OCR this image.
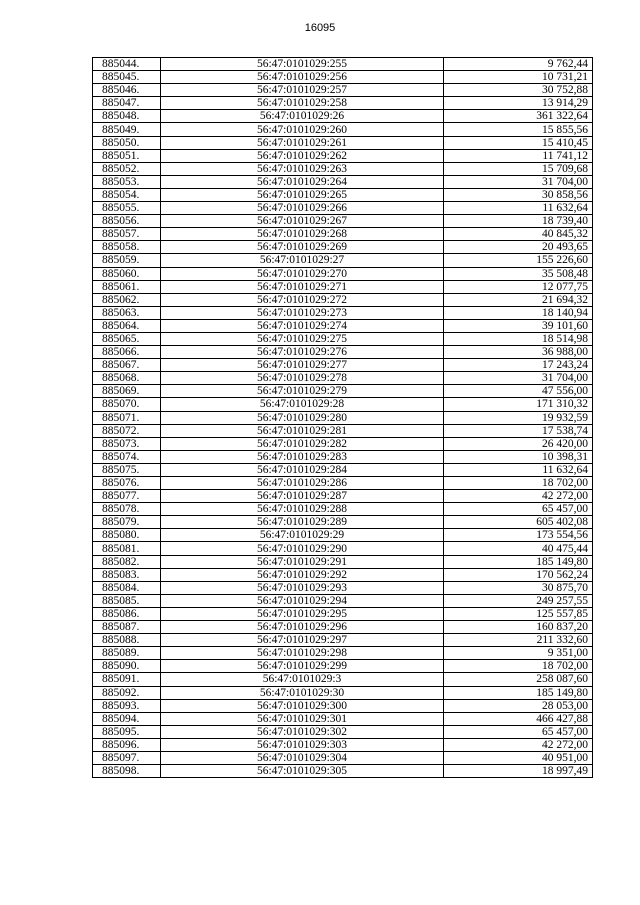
16095
885044.	56:47:0101029:255	9 762,44
885045.	56:47:0101029:256	10 731,21
885046.	56:47:0101029:257	30 752,88
885047.	56:47:0101029:258	13 914,29
885048.	56:47:0101029:26	361 322,64
885049.	56:47:0101029:260	15 855,56
885050.	56:47:0101029:261	15 410,45
885051.	56:47:0101029:262	11 741,12
885052.	56:47:0101029:263	15 709,68
885053.	56:47:0101029:264	31 704,00
885054.	56:47:0101029:265	30 858,56
885055.	56:47:0101029:266	11 632,64
885056.	56:47:0101029:267	18 739,40
885057.	56:47:0101029:268	40 845,32
885058.	56:47:0101029:269	20 493,65
885059.	56:47:0101029:27	155 226,60
885060.	56:47:0101029:270	35 508,48
885061.	56:47:0101029:271	12 077,75
885062.	56:47:0101029:272	21 694,32
885063.	56:47:0101029:273	18 140,94
885064.	56:47:0101029:274	39 101,60
885065.	56:47:0101029:275	18 514,98
885066.	56:47:0101029:276	36 988,00
885067.	56:47:0101029:277	17 243,24
885068.	56:47:0101029:278	31 704,00
885069.	56:47:0101029:279	47 556,00
885070.	56:47:0101029:28	171 310,32
885071.	56:47:0101029:280	19 932,59
885072.	56:47:0101029:281	17 538,74
885073.	56:47:0101029:282	26 420,00
885074.	56:47:0101029:283	10 398,31
885075.	56:47:0101029:284	11 632,64
885076.	56:47:0101029:286	18 702,00
885077.	56:47:0101029:287	42 272,00
885078.	56:47:0101029:288	65 457,00
885079.	56:47:0101029:289	605 402,08
885080.	56:47:0101029:29	173 554,56
885081.	56:47:0101029:290	40 475,44
885082.	56:47:0101029:291	185 149,80
885083.	56:47:0101029:292	170 562,24
885084.	56:47:0101029:293	30 875,70
885085.	56:47:0101029:294	249 257,55
885086.	56:47:0101029:295	125 557,85
885087.	56:47:0101029:296	160 837,20
885088.	56:47:0101029:297	211 332,60
885089.	56:47:0101029:298	9 351,00
885090.	56:47:0101029:299	18 702,00
885091.	56:47:0101029:3	258 087,60
885092.	56:47:0101029:30	185 149,80
885093.	56:47:0101029:300	28 053,00
885094.	56:47:0101029:301	466 427,88
885095.	56:47:0101029:302	65 457,00
885096.	56:47:0101029:303	42 272,00
885097.	56:47:0101029:304	40 951,00
885098.	56:47:0101029:305	18 997,49
